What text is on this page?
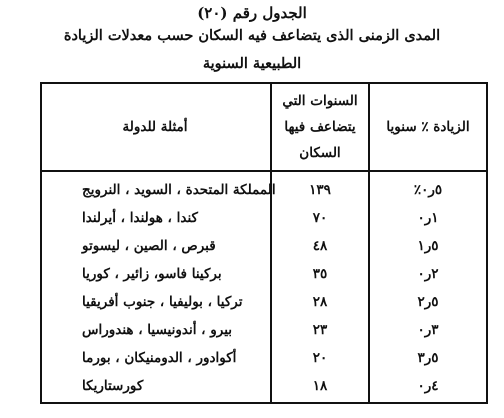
الجدول رقم (٢٠)
المدى الزمنى الذى يتضاعف فيه السكان حسب معدلات الزيادة
الطبيعية السنوية
الزيادة ٪ سنويا
السنوات التي يتضاعف فيها السكان
أمثلة للدولة
٥ر٠٪
١٣٩
المملكة المتحدة ، السويد ، النرويج
١ر٠
٧٠
كندا ، هولندا ، أيرلندا
٥ر١
٤٨
قبرص ، الصين ، ليسوتو
٢ر٠
٣٥
بركينا فاسو، زائير ، كوريا
٥ر٢
٢٨
تركيا ، بوليفيا ، جنوب أفريقيا
٣ر٠
٢٣
بيرو ، أندونيسيا ، هندوراس
٥ر٣
٢٠
أكوادور ، الدومنيكان ، بورما
٤ر٠
١٨
كورستاريكا
